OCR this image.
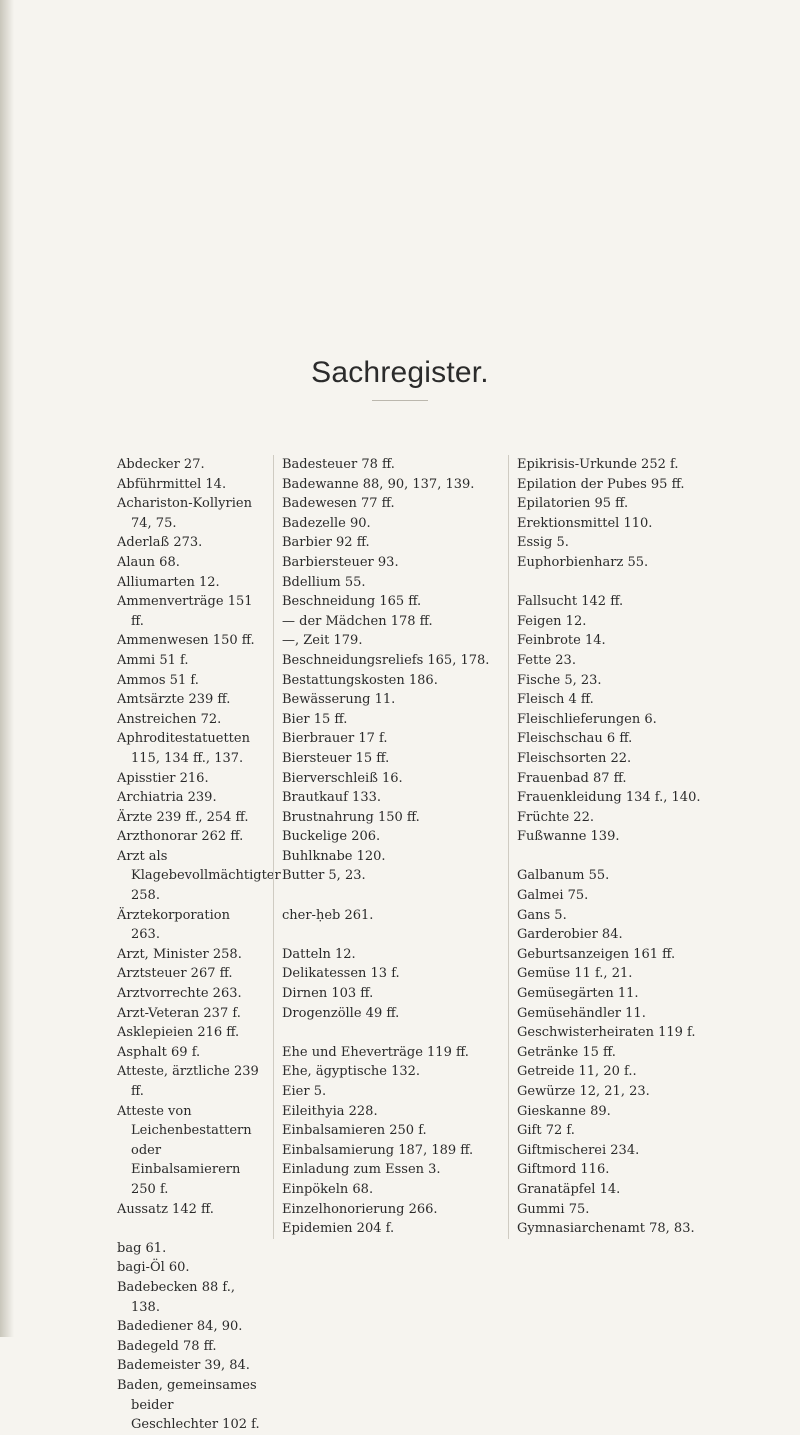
Sachregister.
Abdecker 27.
Abführmittel 14.
Achariston-Kollyrien 74, 75.
Aderlaß 273.
Alaun 68.
Alliumarten 12.
Ammenverträge 151 ff.
Ammenwesen 150 ff.
Ammi 51 f.
Ammos 51 f.
Amtsärzte 239 ff.
Anstreichen 72.
Aphroditestatuetten 115, 134 ff., 137.
Apisstier 216.
Archiatria 239.
Ärzte 239 ff., 254 ff.
Arzthonorar 262 ff.
Arzt als Klagebevollmächtigter 258.
Ärztekorporation 263.
Arzt, Minister 258.
Arztsteuer 267 ff.
Arztvorrechte 263.
Arzt-Veteran 237 f.
Asklepieien 216 ff.
Asphalt 69 f.
Atteste, ärztliche 239 ff.
Atteste von Leichenbestattern oder Einbalsamierern 250 f.
Aussatz 142 ff.
bag 61.
bagi-Öl 60.
Badebecken 88 f., 138.
Badediener 84, 90.
Badegeld 78 ff.
Bademeister 39, 84.
Baden, gemeinsames beider Geschlechter 102 f.
Badesteuer 78 ff.
Badewanne 88, 90, 137, 139.
Badewesen 77 ff.
Badezelle 90.
Barbier 92 ff.
Barbiersteuer 93.
Bdellium 55.
Beschneidung 165 ff.
— der Mädchen 178 ff.
—, Zeit 179.
Beschneidungsreliefs 165, 178.
Bestattungskosten 186.
Bewässerung 11.
Bier 15 ff.
Bierbrauer 17 f.
Biersteuer 15 ff.
Bierverschleiß 16.
Brautkauf 133.
Brustnahrung 150 ff.
Buckelige 206.
Buhlknabe 120.
Butter 5, 23.
cher-ḥeb 261.
Datteln 12.
Delikatessen 13 f.
Dirnen 103 ff.
Drogenzölle 49 ff.
Ehe und Eheverträge 119 ff.
Ehe, ägyptische 132.
Eier 5.
Eileithyia 228.
Einbalsamieren 250 f.
Einbalsamierung 187, 189 ff.
Einladung zum Essen 3.
Einpökeln 68.
Einzelhonorierung 266.
Epidemien 204 f.
Epikrisis-Urkunde 252 f.
Epilation der Pubes 95 ff.
Epilatorien 95 ff.
Erektionsmittel 110.
Essig 5.
Euphorbienharz 55.
Fallsucht 142 ff.
Feigen 12.
Feinbrote 14.
Fette 23.
Fische 5, 23.
Fleisch 4 ff.
Fleischlieferungen 6.
Fleischschau 6 ff.
Fleischsorten 22.
Frauenbad 87 ff.
Frauenkleidung 134 f., 140.
Früchte 22.
Fußwanne 139.
Galbanum 55.
Galmei 75.
Gans 5.
Garderobier 84.
Geburtsanzeigen 161 ff.
Gemüse 11 f., 21.
Gemüsegärten 11.
Gemüsehändler 11.
Geschwisterheiraten 119 f.
Getränke 15 ff.
Getreide 11, 20 f..
Gewürze 12, 21, 23.
Gieskanne 89.
Gift 72 f.
Giftmischerei 234.
Giftmord 116.
Granatäpfel 14.
Gummi 75.
Gymnasiarchenamt 78, 83.
